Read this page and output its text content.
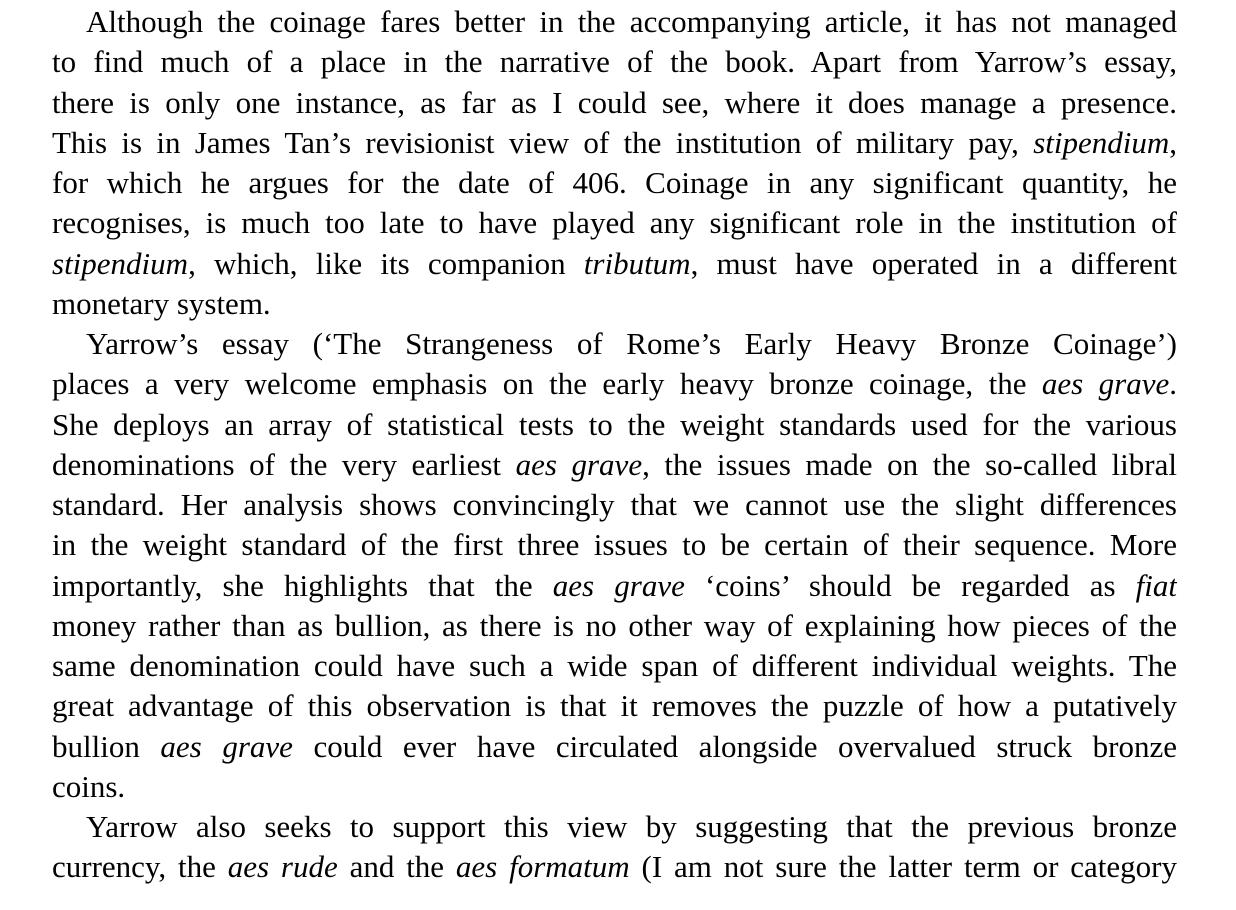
Although the coinage fares better in the accompanying article, it has not managed
to find much of a place in the narrative of the book. Apart from Yarrow’s essay,
there is only one instance, as far as I could see, where it does manage a presence.
This is in James Tan’s revisionist view of the institution of military pay, stipendium,
for which he argues for the date of 406. Coinage in any significant quantity, he
recognises, is much too late to have played any significant role in the institution of
stipendium, which, like its companion tributum, must have operated in a different
monetary system.
Yarrow’s essay (‘The Strangeness of Rome’s Early Heavy Bronze Coinage’)
places a very welcome emphasis on the early heavy bronze coinage, the aes grave.
She deploys an array of statistical tests to the weight standards used for the various
denominations of the very earliest aes grave, the issues made on the so-called libral
standard. Her analysis shows convincingly that we cannot use the slight differences
in the weight standard of the first three issues to be certain of their sequence. More
importantly, she highlights that the aes grave ‘coins’ should be regarded as fiat
money rather than as bullion, as there is no other way of explaining how pieces of the
same denomination could have such a wide span of different individual weights. The
great advantage of this observation is that it removes the puzzle of how a putatively
bullion aes grave could ever have circulated alongside overvalued struck bronze
coins.
Yarrow also seeks to support this view by suggesting that the previous bronze
currency, the aes rude and the aes formatum (I am not sure the latter term or category
